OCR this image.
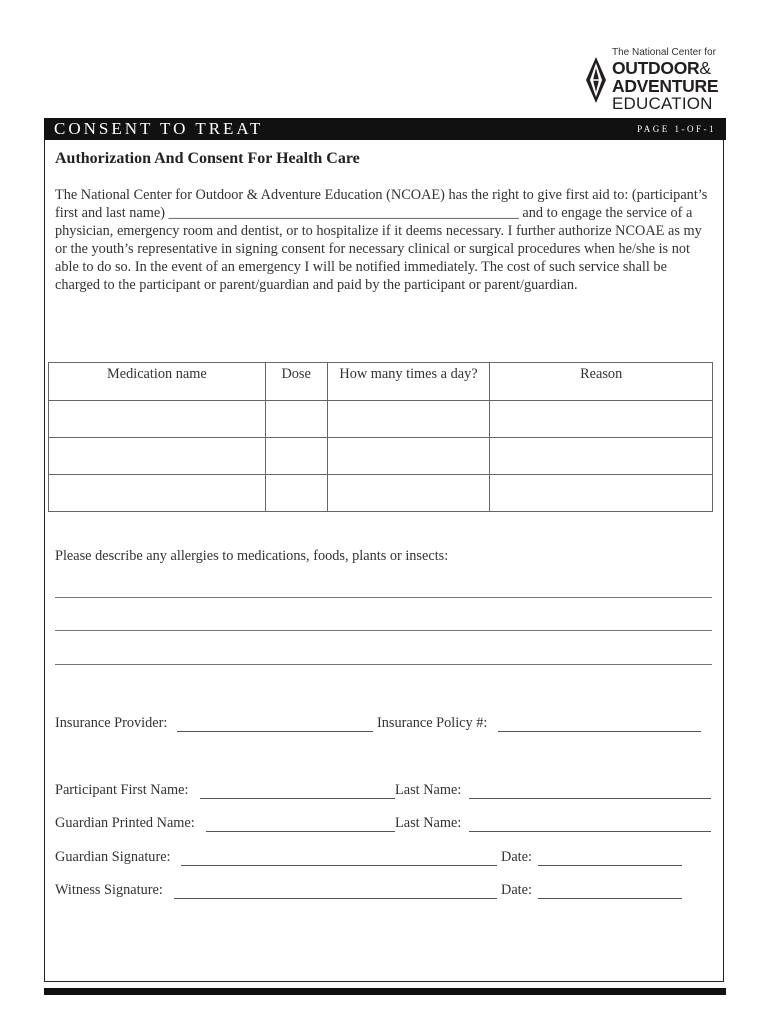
The National Center for
OUTDOOR&
ADVENTURE
EDUCATION
CONSENT TO TREAT	PAGE 1-OF-1
Authorization And Consent For Health Care

The National Center for Outdoor & Adventure Education (NCOAE) has the right to give first aid to: (participant’s first and last name) _________________________________________________ and to engage the service of a physician, emergency room and dentist, or to hospitalize if it deems necessary. I further authorize NCOAE as my or the youth’s representative in signing consent for necessary clinical or surgical procedures when he/she is not able to do so. In the event of an emergency I will be notified immediately. The cost of such service shall be charged to the participant or parent/guardian and paid by the participant or parent/guardian.

Medication name	Dose	How many times a day?	Reason

Please describe any allergies to medications, foods, plants or insects:
Insurance Provider:	Insurance Policy #:
Participant First Name:	Last Name:
Guardian Printed Name:	Last Name:
Guardian Signature:	Date:
Witness Signature:	Date:
